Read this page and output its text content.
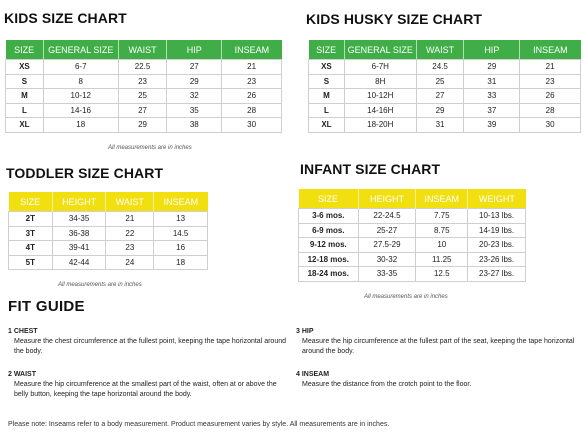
KIDS SIZE CHART
SIZE	GENERAL SIZE	WAIST	HIP	INSEAM
XS	6-7	22.5	27	21
S	8	23	29	23
M	10-12	25	32	26
L	14-16	27	35	28
XL	18	29	38	30
All measurements are in inches
KIDS HUSKY SIZE CHART
SIZE	GENERAL SIZE	WAIST	HIP	INSEAM
XS	6-7H	24.5	29	21
S	8H	25	31	23
M	10-12H	27	33	26
L	14-16H	29	37	28
XL	18-20H	31	39	30
TODDLER SIZE CHART
SIZE	HEIGHT	WAIST	INSEAM
2T	34-35	21	13
3T	36-38	22	14.5
4T	39-41	23	16
5T	42-44	24	18
All measurements are in inches
INFANT SIZE CHART
SIZE	HEIGHT	INSEAM	WEIGHT
3-6 mos.	22-24.5	7.75	10-13 lbs.
6-9 mos.	25-27	8.75	14-19 lbs.
9-12 mos.	27.5-29	10	20-23 lbs.
12-18 mos.	30-32	11.25	23-26 lbs.
18-24 mos.	33-35	12.5	23-27 lbs.
All measurements are in inches
FIT GUIDE
1 CHEST
Measure the chest circumference at the fullest point, keeping the tape horizontal around the body.
3 HIP
Measure the hip circumference at the fullest part of the seat, keeping the tape horizontal around the body.
2 WAIST
Measure the hip circumference at the smallest part of the waist, often at or above the belly button, keeping the tape horizontal around the body.
4 INSEAM
Measure the distance from the crotch point to the floor.
Please note: Inseams refer to a body measurement. Product measurement varies by style. All measurements are in inches.
